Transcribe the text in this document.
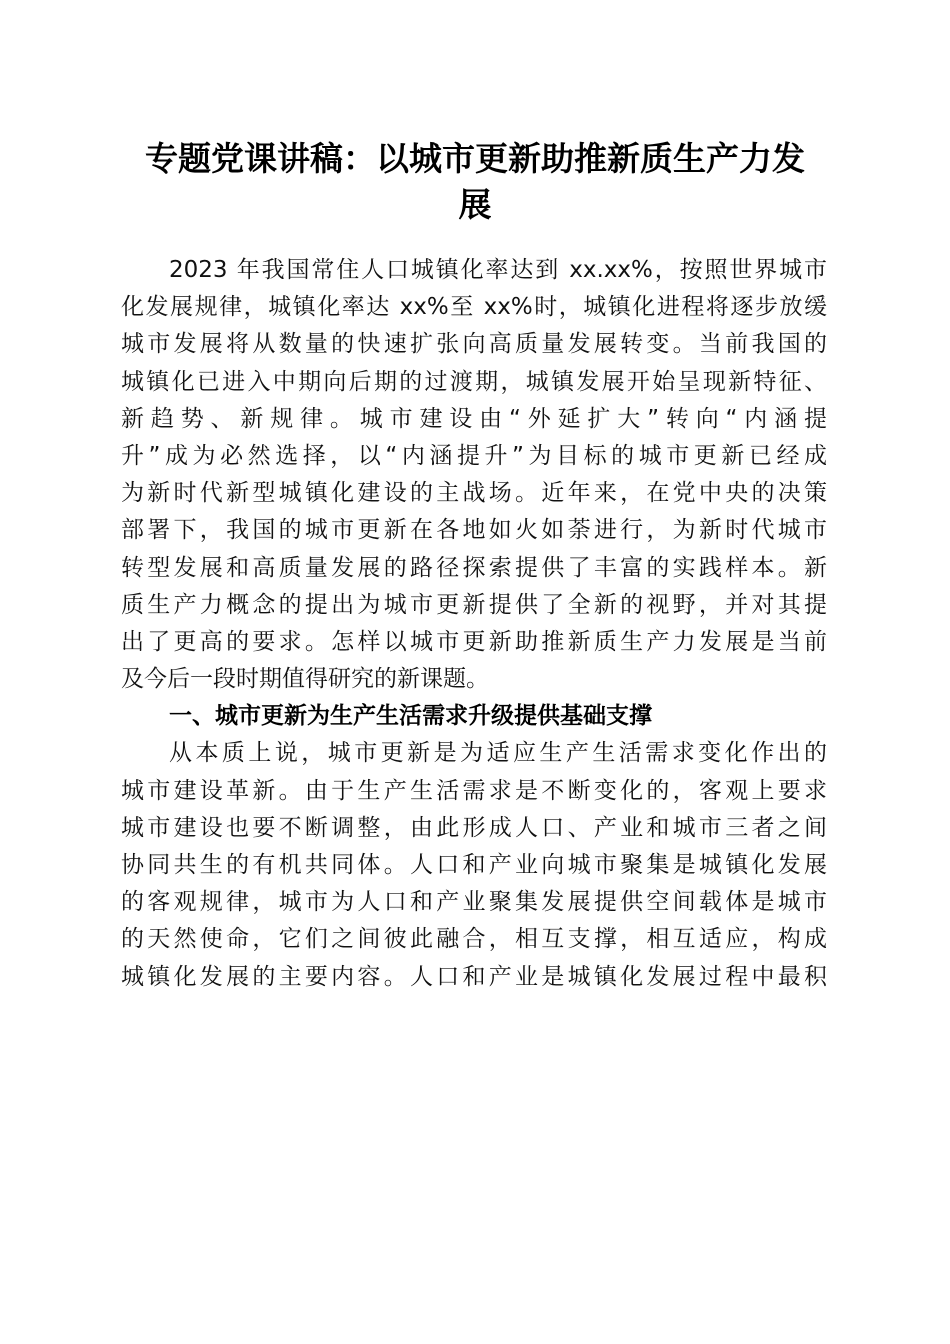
专题党课讲稿：以城市更新助推新质生产力发
展
2023 年我国常住人口城镇化率达到 xx.xx%，按照世界城市
化发展规律，城镇化率达 xx%至 xx%时，城镇化进程将逐步放缓
城市发展将从数量的快速扩张向高质量发展转变。当前我国的
城镇化已进入中期向后期的过渡期，城镇发展开始呈现新特征、
新趋势、新规律。城市建设由“外延扩大”转向“内涵提
升”成为必然选择，以“内涵提升”为目标的城市更新已经成
为新时代新型城镇化建设的主战场。近年来，在党中央的决策
部署下，我国的城市更新在各地如火如荼进行，为新时代城市
转型发展和高质量发展的路径探索提供了丰富的实践样本。新
质生产力概念的提出为城市更新提供了全新的视野，并对其提
出了更高的要求。怎样以城市更新助推新质生产力发展是当前
及今后一段时期值得研究的新课题。
一、城市更新为生产生活需求升级提供基础支撑
从本质上说，城市更新是为适应生产生活需求变化作出的
城市建设革新。由于生产生活需求是不断变化的，客观上要求
城市建设也要不断调整，由此形成人口、产业和城市三者之间
协同共生的有机共同体。人口和产业向城市聚集是城镇化发展
的客观规律，城市为人口和产业聚集发展提供空间载体是城市
的天然使命，它们之间彼此融合，相互支撑，相互适应，构成
城镇化发展的主要内容。人口和产业是城镇化发展过程中最积
